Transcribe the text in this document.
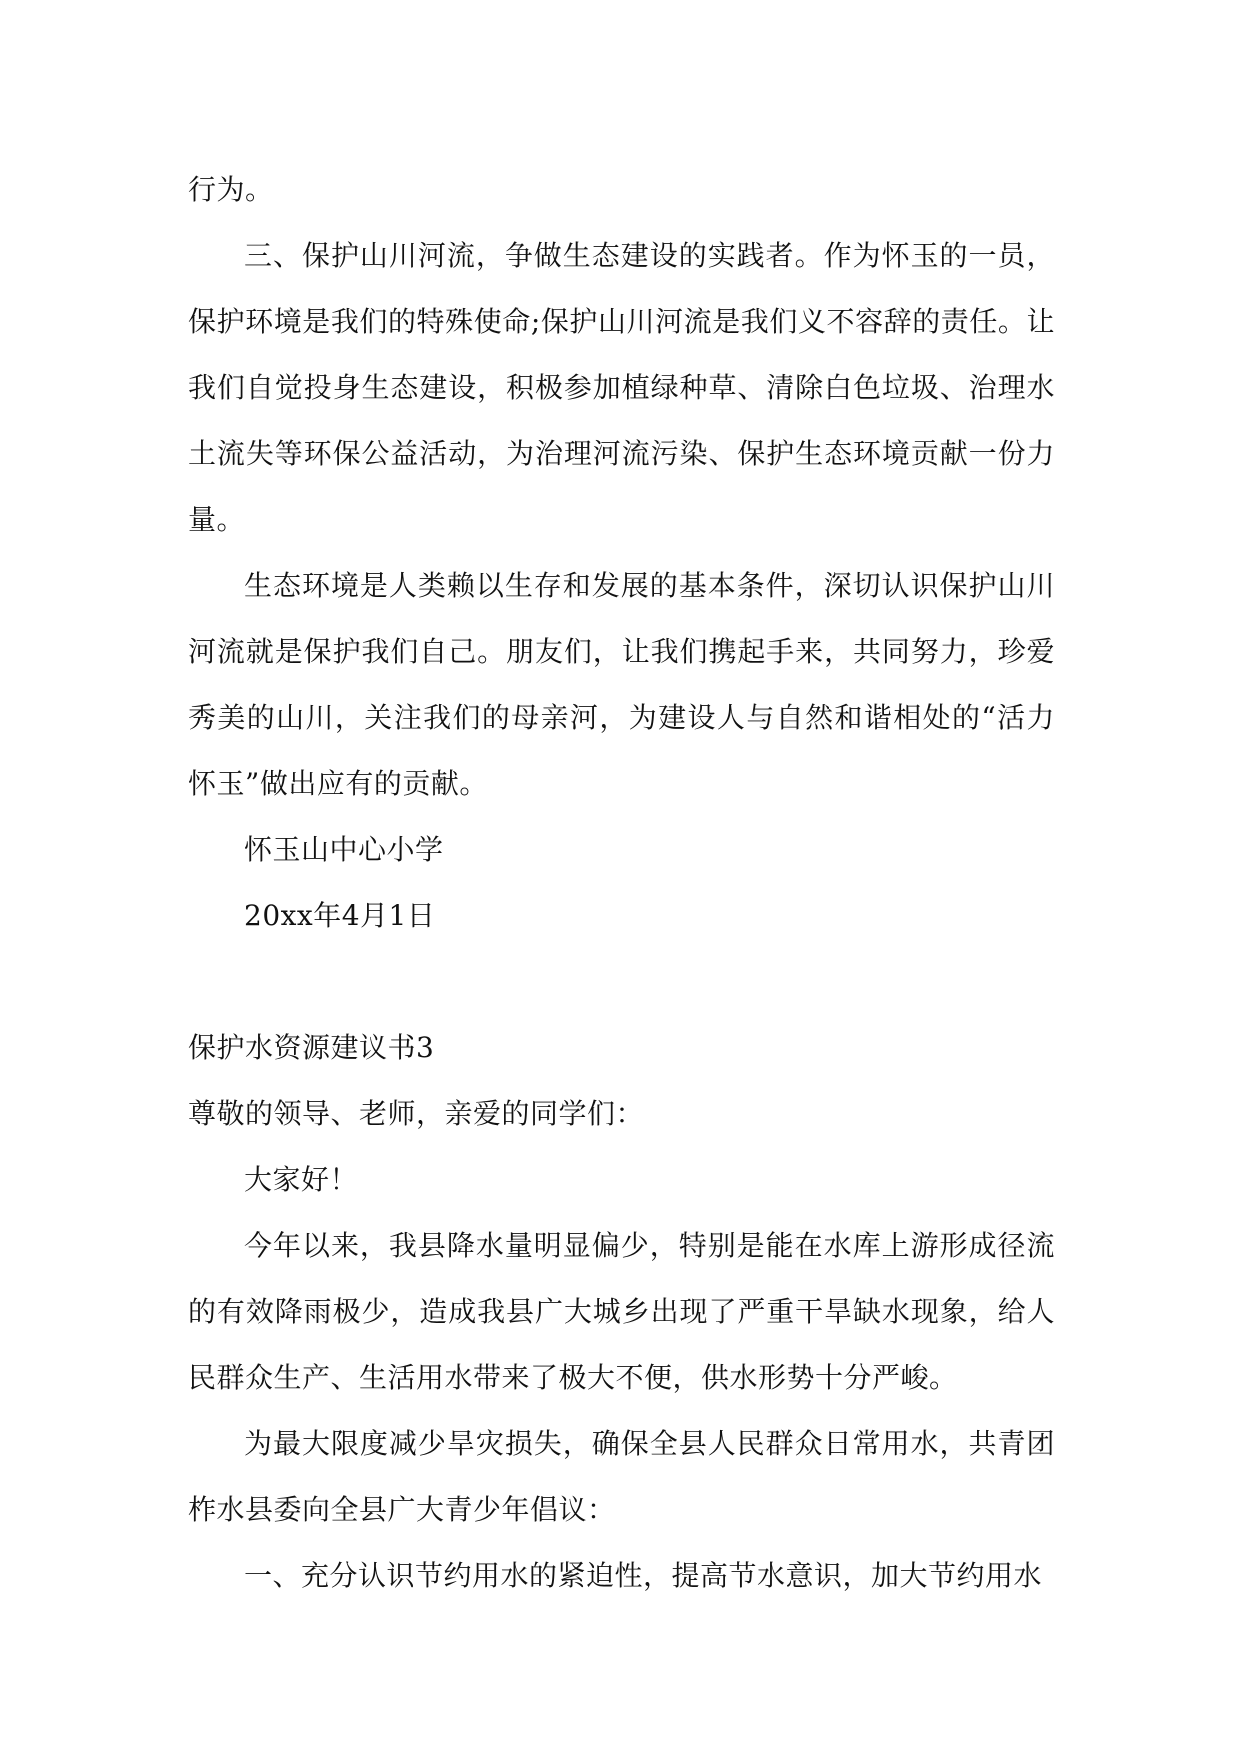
行为。

三、保护山川河流，争做生态建设的实践者。作为怀玉的一员，保护环境是我们的特殊使命;保护山川河流是我们义不容辞的责任。让我们自觉投身生态建设，积极参加植绿种草、清除白色垃圾、治理水土流失等环保公益活动，为治理河流污染、保护生态环境贡献一份力量。

生态环境是人类赖以生存和发展的基本条件，深切认识保护山川河流就是保护我们自己。朋友们，让我们携起手来，共同努力，珍爱秀美的山川，关注我们的母亲河，为建设人与自然和谐相处的“活力怀玉”做出应有的贡献。

怀玉山中心小学

20xx年4月1日

保护水资源建议书3

尊敬的领导、老师，亲爱的同学们：

大家好！

今年以来，我县降水量明显偏少，特别是能在水库上游形成径流的有效降雨极少，造成我县广大城乡出现了严重干旱缺水现象，给人民群众生产、生活用水带来了极大不便，供水形势十分严峻。

为最大限度减少旱灾损失，确保全县人民群众日常用水，共青团柞水县委向全县广大青少年倡议：

一、充分认识节约用水的紧迫性，提高节水意识，加大节约用水
